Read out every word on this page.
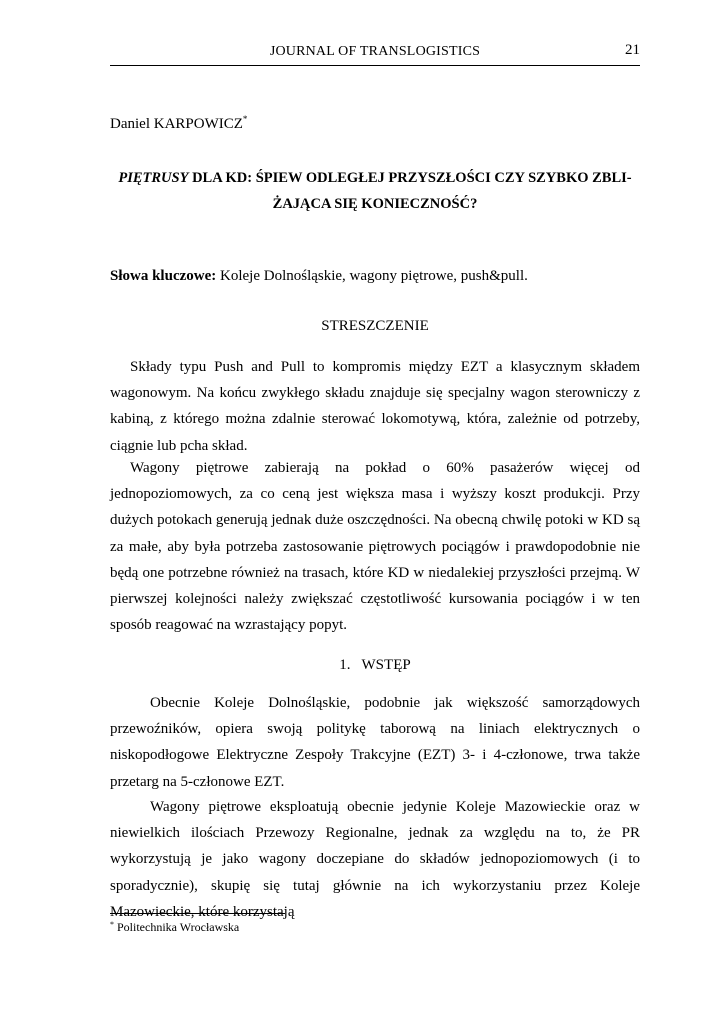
JOURNAL OF TRANSLOGISTICS	21
Daniel KARPOWICZ*
PIĘTRUSY DLA KD: ŚPIEW ODLEGŁEJ PRZYSZŁOŚCI CZY SZYBKO ZBLI-
ŻAJĄCA SIĘ KONIECZNOŚĆ?
Słowa kluczowe: Koleje Dolnośląskie, wagony piętrowe, push&pull.
STRESZCZENIE
Składy typu Push and Pull to kompromis między EZT a klasycznym składem wagonowym. Na końcu zwykłego składu znajduje się specjalny wagon sterowniczy z kabiną, z którego można zdalnie sterować lokomotywą, która, zależnie od potrzeby, ciągnie lub pcha skład.
Wagony piętrowe zabierają na pokład o 60% pasażerów więcej od jednopoziomowych, za co ceną jest większa masa i wyższy koszt produkcji. Przy dużych potokach generują jednak duże oszczędności. Na obecną chwilę potoki w KD są za małe, aby była potrzeba zastosowanie piętrowych pociągów i prawdopodobnie nie będą one potrzebne również na trasach, które KD w niedalekiej przyszłości przejmą. W pierwszej kolejności należy zwiększać częstotliwość kursowania pociągów i w ten sposób reagować na wzrastający popyt.
1.   WSTĘP
Obecnie Koleje Dolnośląskie, podobnie jak większość samorządowych przewoźników, opiera swoją politykę taborową na liniach elektrycznych o niskopodłogowe Elektryczne Zespoły Trakcyjne (EZT) 3- i 4-członowe, trwa także przetarg na 5-członowe EZT.
Wagony piętrowe eksploatują obecnie jedynie Koleje Mazowieckie oraz w niewielkich ilościach Przewozy Regionalne, jednak za względu na to, że PR wykorzystują je jako wagony doczepiane do składów jednopoziomowych (i to sporadycznie), skupię się tutaj głównie na ich wykorzystaniu przez Koleje Mazowieckie, które korzystają
* Politechnika Wrocławska
